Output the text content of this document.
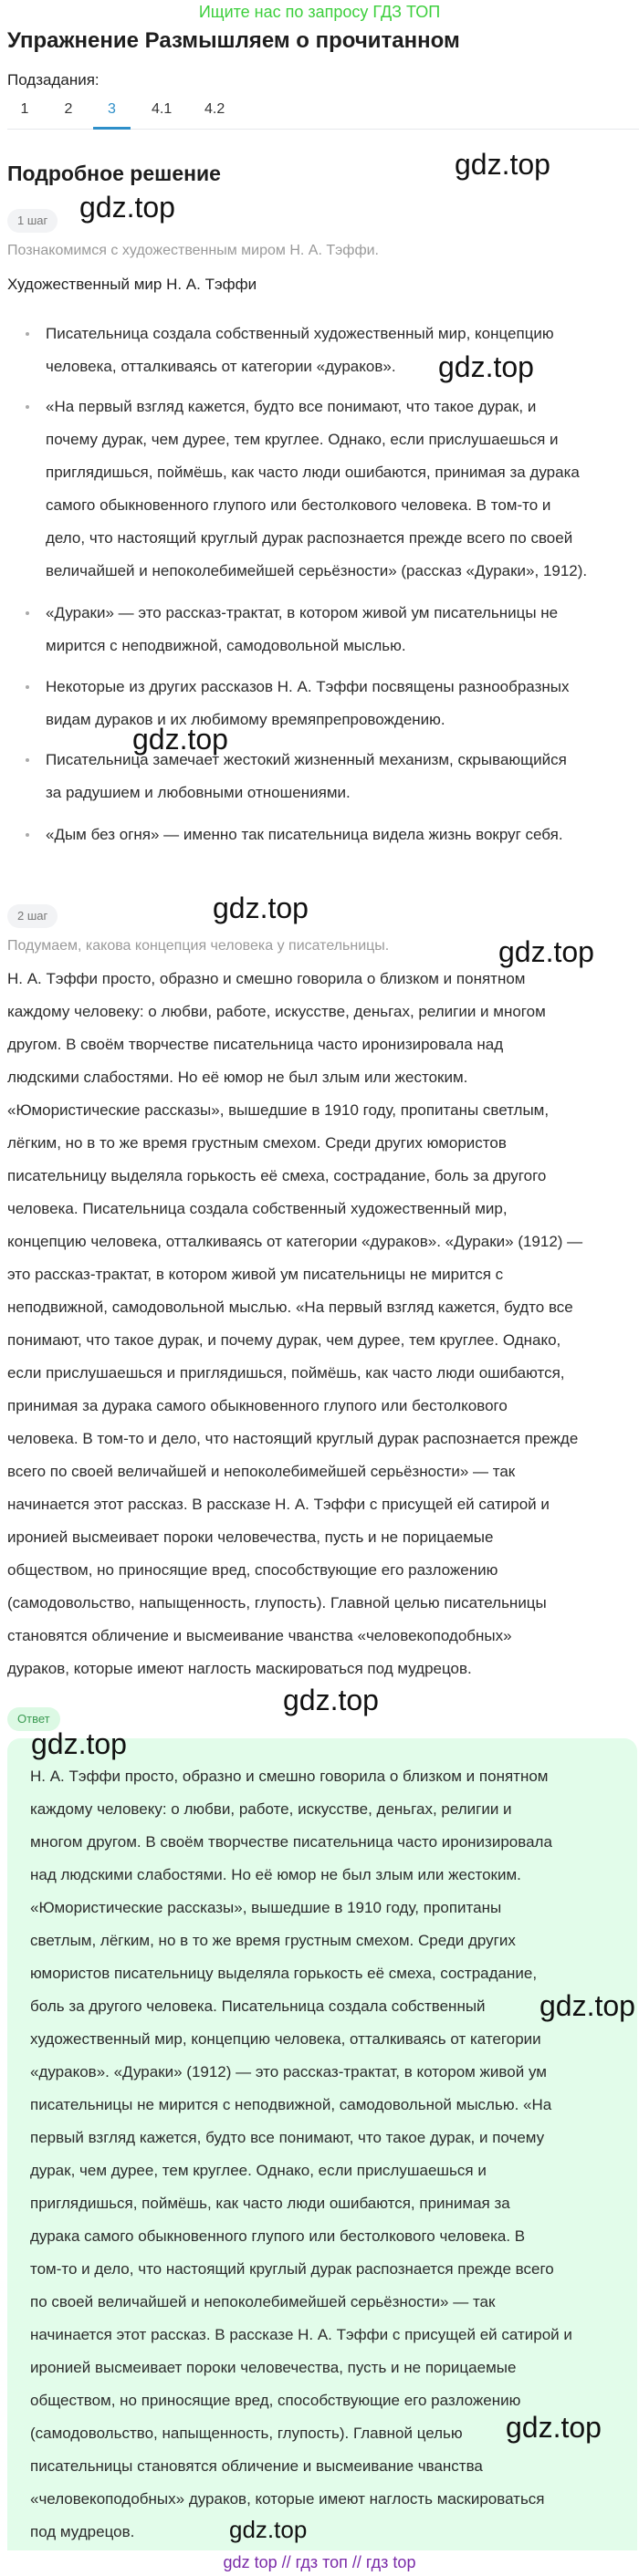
Ищите нас по запросу ГДЗ ТОП
Упражнение Размышляем о прочитанном
Подзадания:
1 2	3	4.1 4.2
Подробное решение
1 шаг
Познакомимся с художественным миром Н. А. Тэффи.
Художественный мир Н. А. Тэффи
Писательница создала собственный художественный мир, концепцию
человека, отталкиваясь от категории «дураков».
«На первый взгляд кажется, будто все понимают, что такое дурак, и
почему дурак, чем дурее, тем круглее. Однако, если прислушаешься и
приглядишься, поймёшь, как часто люди ошибаются, принимая за дурака
самого обыкновенного глупого или бестолкового человека. В том-то и
дело, что настоящий круглый дурак распознается прежде всего по своей
величайшей и непоколебимейшей серьёзности» (рассказ «Дураки», 1912).
«Дураки» — это рассказ-трактат, в котором живой ум писательницы не
мирится с неподвижной, самодовольной мыслью.
Некоторые из других рассказов Н. А. Тэффи посвящены разнообразных
видам дураков и их любимому времяпрепровождению.
Писательница замечает жестокий жизненный механизм, скрывающийся
за радушием и любовными отношениями.
«Дым без огня» — именно так писательница видела жизнь вокруг себя.
2 шаг
Подумаем, какова концепция человека у писательницы.
Н. А. Тэффи просто, образно и смешно говорила о близком и понятном
каждому человеку: о любви, работе, искусстве, деньгах, религии и многом
другом. В своём творчестве писательница часто иронизировала над
людскими слабостями. Но её юмор не был злым или жестоким.
«Юмористические рассказы», вышедшие в 1910 году, пропитаны светлым,
лёгким, но в то же время грустным смехом. Среди других юмористов
писательницу выделяла горькость её смеха, сострадание, боль за другого
человека. Писательница создала собственный художественный мир,
концепцию человека, отталкиваясь от категории «дураков». «Дураки» (1912) —
это рассказ-трактат, в котором живой ум писательницы не мирится с
неподвижной, самодовольной мыслью. «На первый взгляд кажется, будто все
понимают, что такое дурак, и почему дурак, чем дурее, тем круглее. Однако,
если прислушаешься и приглядишься, поймёшь, как часто люди ошибаются,
принимая за дурака самого обыкновенного глупого или бестолкового
человека. В том-то и дело, что настоящий круглый дурак распознается прежде
всего по своей величайшей и непоколебимейшей серьёзности» — так
начинается этот рассказ. В рассказе Н. А. Тэффи с присущей ей сатирой и
иронией высмеивает пороки человечества, пусть и не порицаемые
обществом, но приносящие вред, способствующие его разложению
(самодовольство, напыщенность, глупость). Главной целью писательницы
становятся обличение и высмеивание чванства «человекоподобных»
дураков, которые имеют наглость маскироваться под мудрецов.
Ответ
Н. А. Тэффи просто, образно и смешно говорила о близком и понятном
каждому человеку: о любви, работе, искусстве, деньгах, религии и
многом другом. В своём творчестве писательница часто иронизировала
над людскими слабостями. Но её юмор не был злым или жестоким.
«Юмористические рассказы», вышедшие в 1910 году, пропитаны
светлым, лёгким, но в то же время грустным смехом. Среди других
юмористов писательницу выделяла горькость её смеха, сострадание,
боль за другого человека. Писательница создала собственный
художественный мир, концепцию человека, отталкиваясь от категории
«дураков». «Дураки» (1912) — это рассказ-трактат, в котором живой ум
писательницы не мирится с неподвижной, самодовольной мыслью. «На
первый взгляд кажется, будто все понимают, что такое дурак, и почему
дурак, чем дурее, тем круглее. Однако, если прислушаешься и
приглядишься, поймёшь, как часто люди ошибаются, принимая за
дурака самого обыкновенного глупого или бестолкового человека. В
том-то и дело, что настоящий круглый дурак распознается прежде всего
по своей величайшей и непоколебимейшей серьёзности» — так
начинается этот рассказ. В рассказе Н. А. Тэффи с присущей ей сатирой и
иронией высмеивает пороки человечества, пусть и не порицаемые
обществом, но приносящие вред, способствующие его разложению
(самодовольство, напыщенность, глупость). Главной целью
писательницы становятся обличение и высмеивание чванства
«человекоподобных» дураков, которые имеют наглость маскироваться
под мудрецов.
gdz.top
gdz.top
gdz.top
gdz.top
gdz.top
gdz.top
gdz.top
gdz.top
gdz.top
gdz.top
gdz.top
gdz top // гдз топ // гдз top
